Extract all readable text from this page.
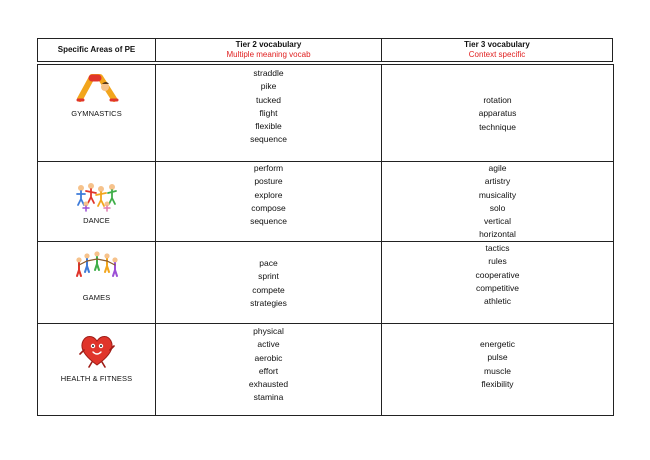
Specific Areas of PE
Tier 2 vocabulary
Multiple meaning vocab
Tier 3 vocabulary
Context specific
GYMNASTICS
straddle
pike
tucked
flight
flexible
sequence
rotation
apparatus
technique
DANCE
perform
posture
explore
compose
sequence
agile
artistry
musicality
solo
vertical
horizontal
GAMES
pace
sprint
compete
strategies
tactics
rules
cooperative
competitive
athletic
HEALTH & FITNESS
physical
active
aerobic
effort
exhausted
stamina
energetic
pulse
muscle
flexibility
